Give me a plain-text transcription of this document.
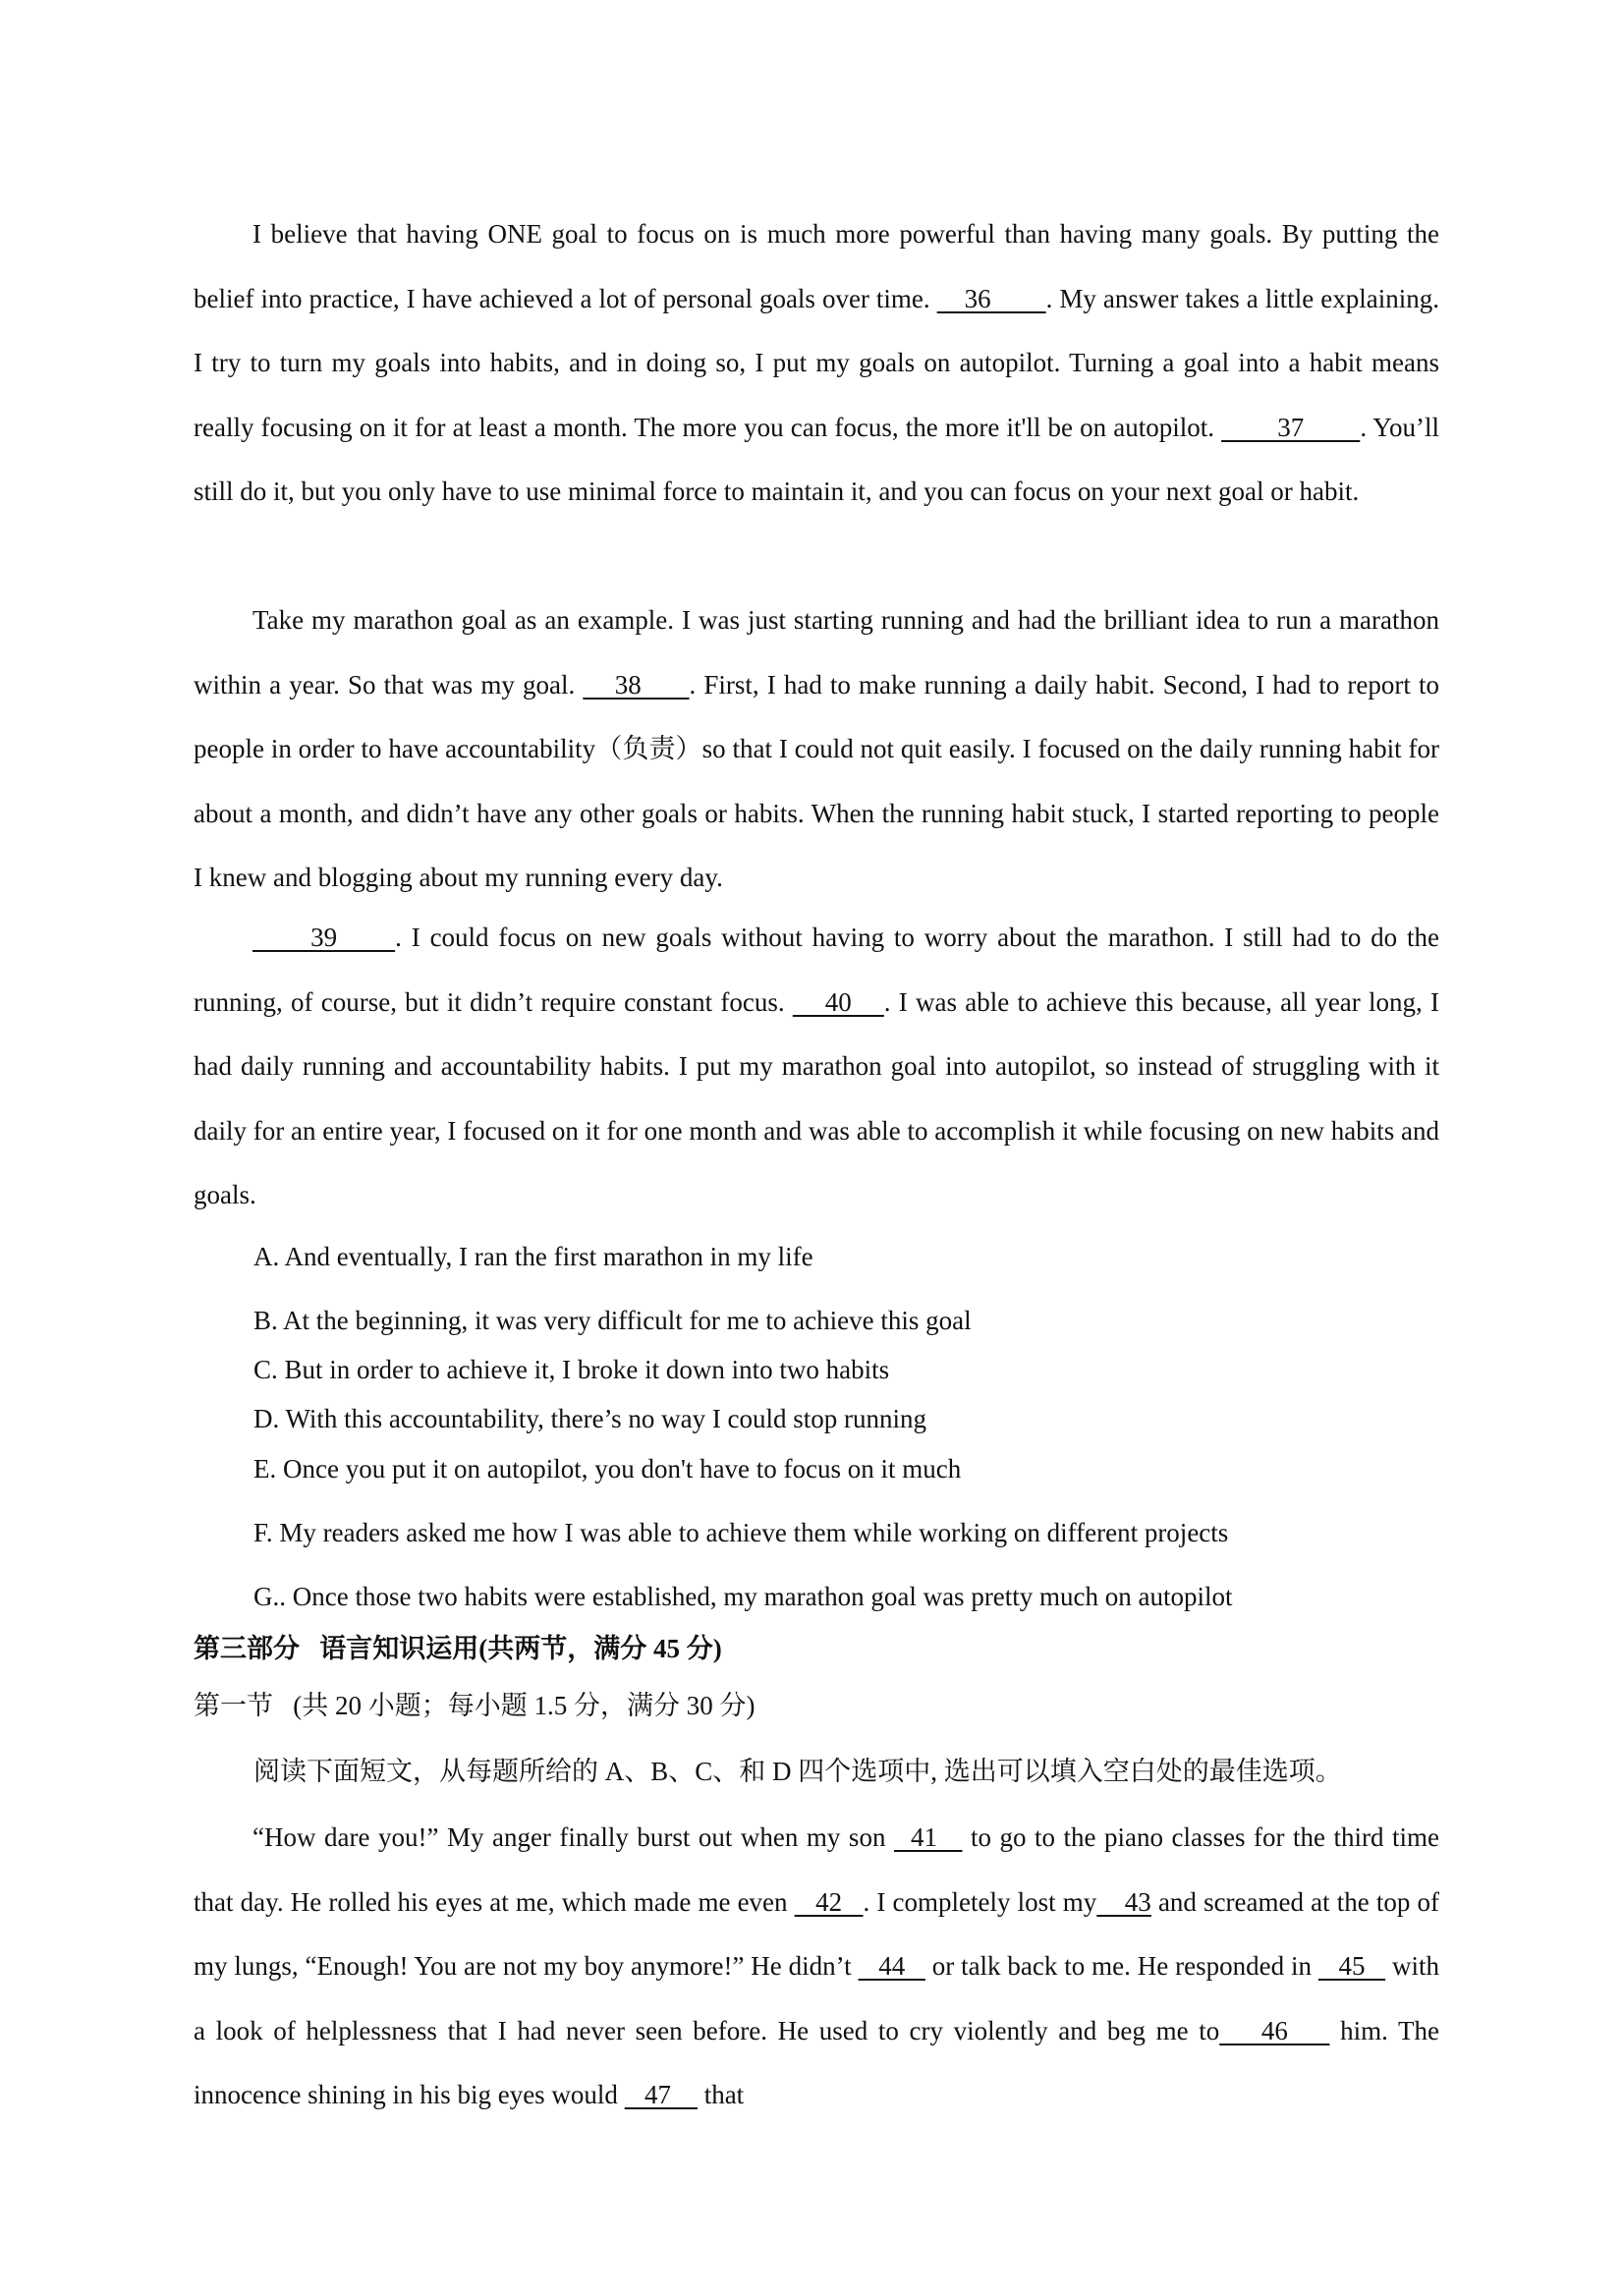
I believe that having ONE goal to focus on is much more powerful than having many goals. By putting the belief into practice, I have achieved a lot of personal goals over time.     36        . My answer takes a little explaining. I try to turn my goals into habits, and in doing so, I put my goals on autopilot. Turning a goal into a habit means really focusing on it for at least a month. The more you can focus, the more it'll be on autopilot.         37        . You’ll still do it, but you only have to use minimal force to maintain it, and you can focus on your next goal or habit.

Take my marathon goal as an example. I was just starting running and had the brilliant idea to run a marathon within a year. So that was my goal.     38      . First, I had to make running a daily habit. Second, I had to report to people in order to have accountability（负责）so that I could not quit easily. I focused on the daily running habit for about a month, and didn’t have any other goals or habits. When the running habit stuck, I started reporting to people I knew and blogging about my running every day.

39      . I could focus on new goals without having to worry about the marathon. I still had to do the running, of course, but it didn’t require constant focus.     40    . I was able to achieve this because, all year long, I had daily running and accountability habits. I put my marathon goal into autopilot, so instead of struggling with it daily for an entire year, I focused on it for one month and was able to accomplish it while focusing on new habits and goals.

A. And eventually, I ran the first marathon in my life

B. At the beginning, it was very difficult for me to achieve this goal

C. But in order to achieve it, I broke it down into two habits

D. With this accountability, there’s no way I could stop running

E. Once you put it on autopilot, you don't have to focus on it much

F. My readers asked me how I was able to achieve them while working on different projects

G.. Once those two habits were established, my marathon goal was pretty much on autopilot

第三部分   语言知识运用(共两节，满分 45 分)

第一节   (共 20 小题；每小题 1.5 分，满分 30 分)

阅读下面短文，从每题所给的 A、B、C、和 D 四个选项中, 选出可以填入空白处的最佳选项。

“How dare you!” My anger finally burst out when my son   41    to go to the piano classes for the third time that day. He rolled his eyes at me, which made me even    42   . I completely lost my    43 and screamed at the top of my lungs, “Enough! You are not my boy anymore!” He didn’t    44    or talk back to me. He responded in    45    with a look of helplessness that I had never seen before. He used to cry violently and beg me to    46     him. The innocence shining in his big eyes would    47     that
